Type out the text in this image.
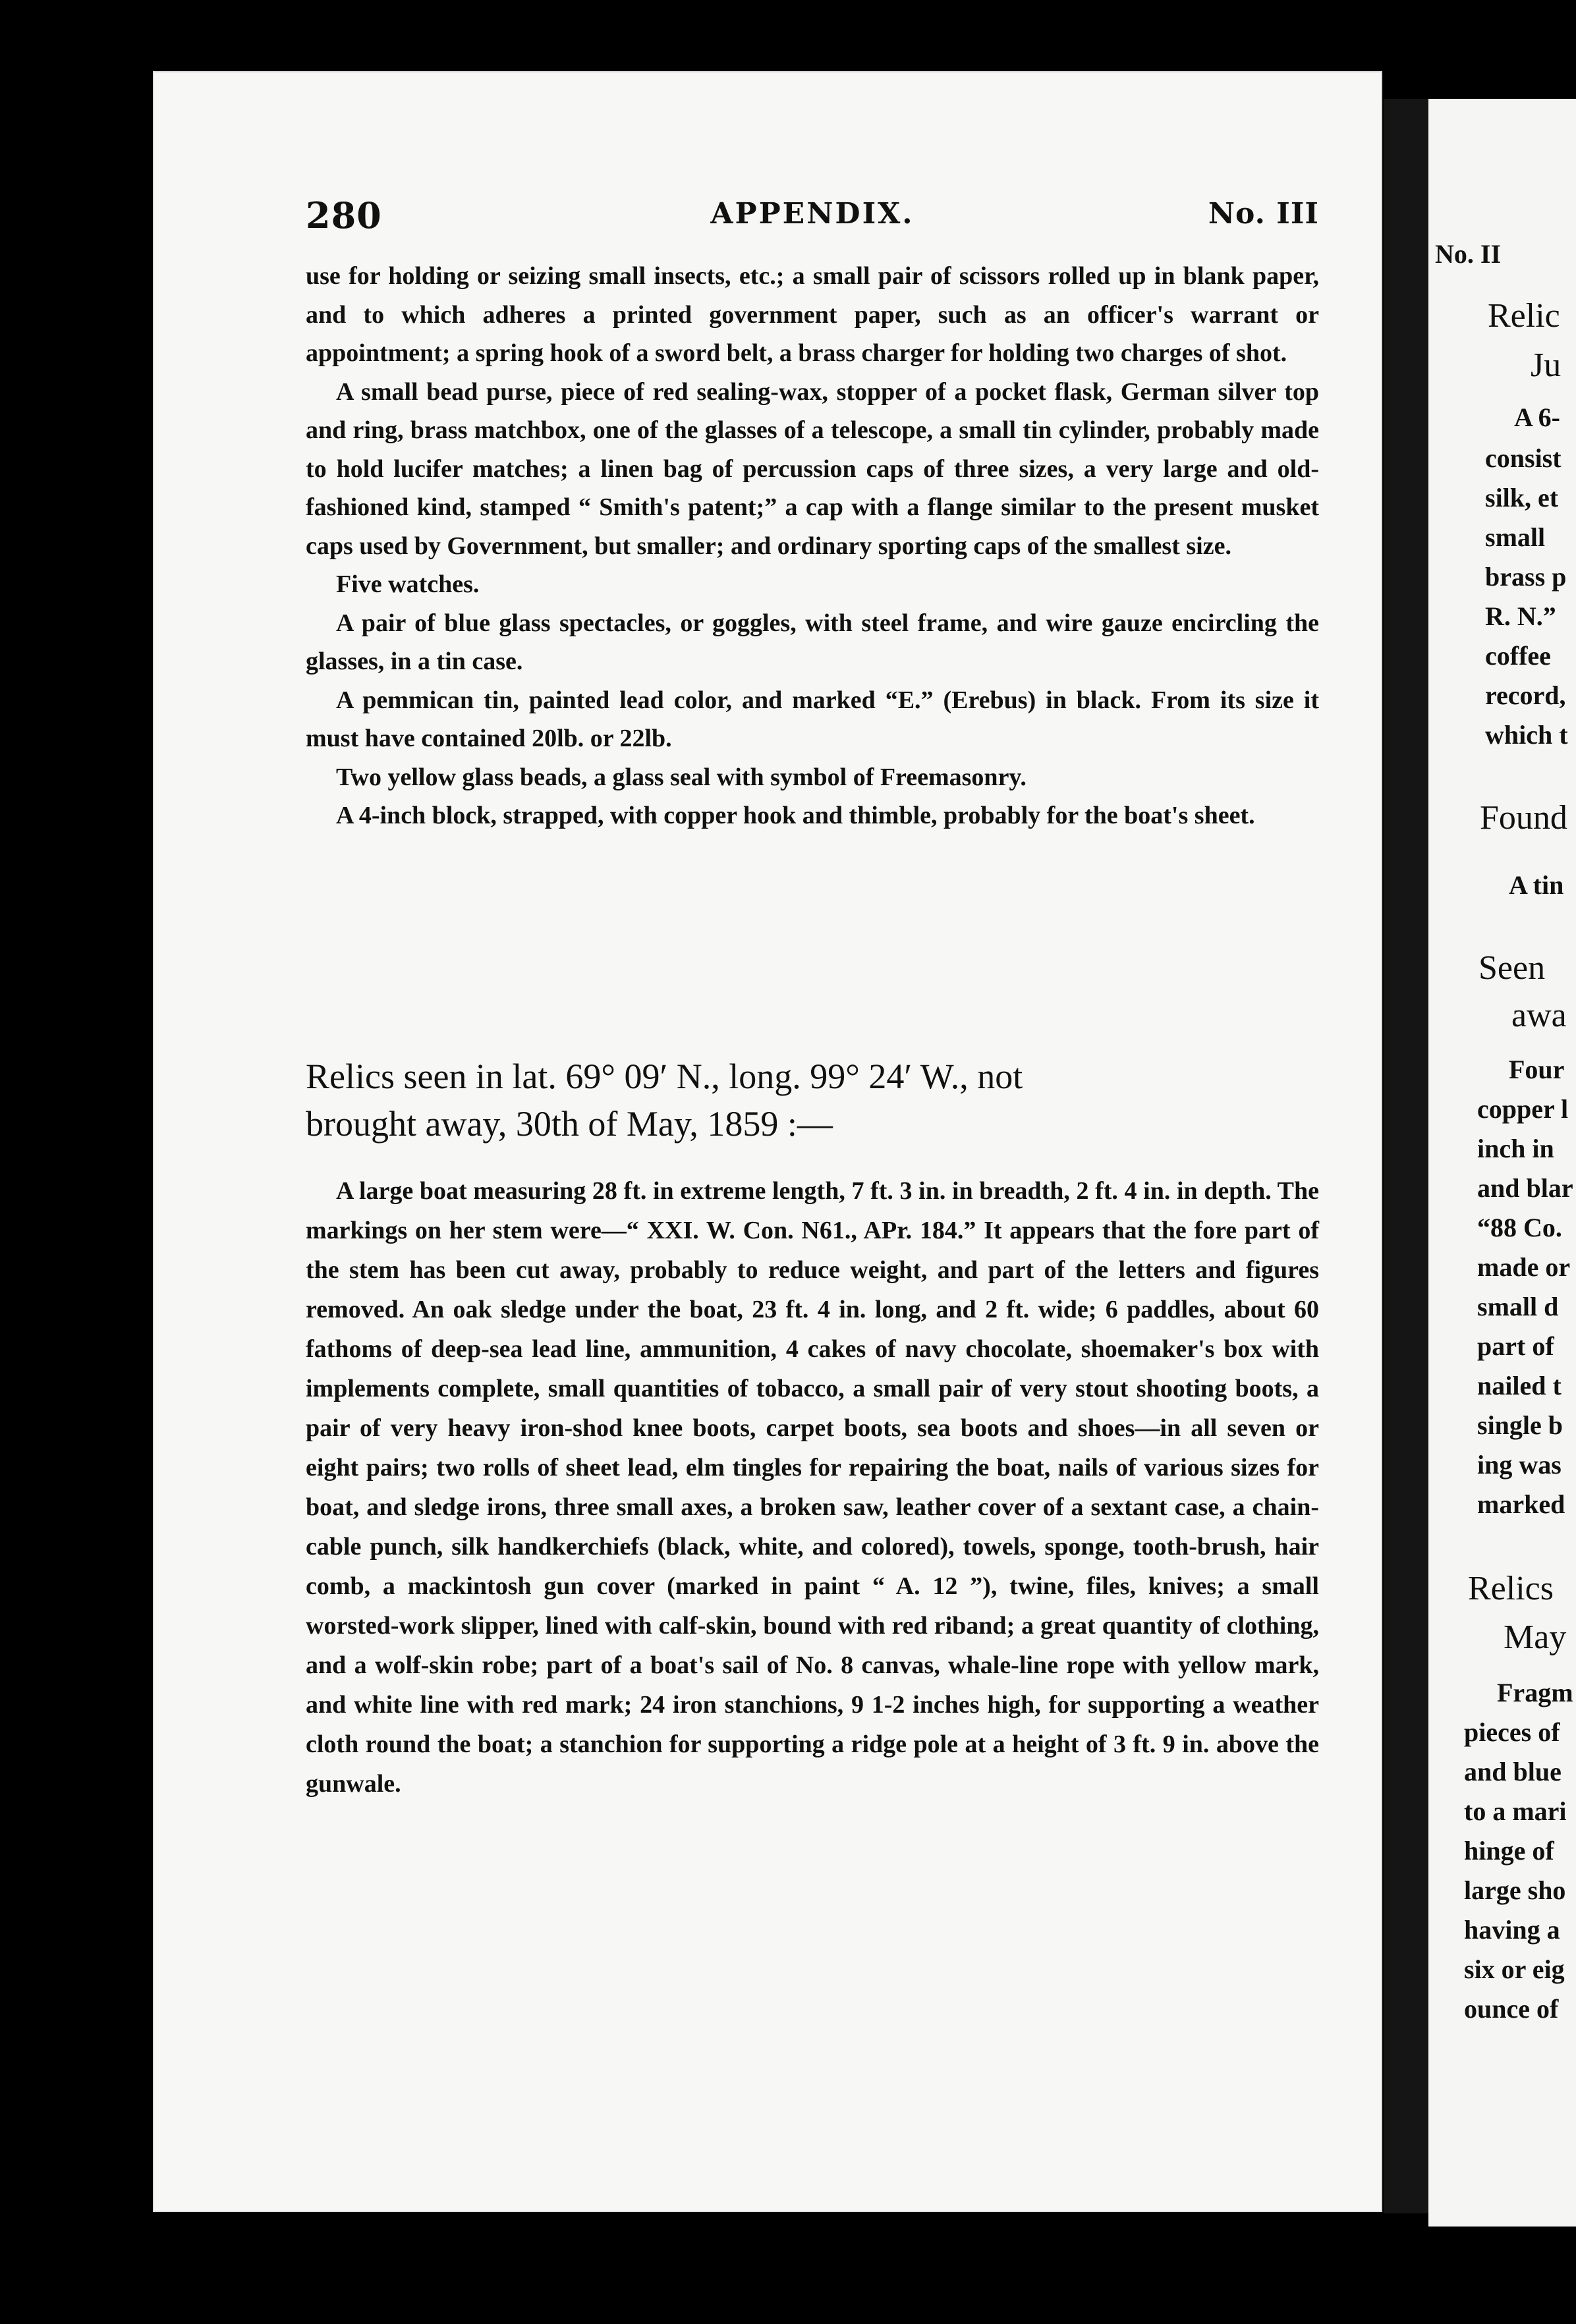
280	APPENDIX.	No. III

use for holding or seizing small insects, etc.; a small pair of scissors rolled up in blank paper, and to which adheres a printed government paper, such as an officer's warrant or appointment; a spring hook of a sword belt, a brass charger for holding two charges of shot.

A small bead purse, piece of red sealing-wax, stopper of a pocket flask, German silver top and ring, brass matchbox, one of the glasses of a telescope, a small tin cylinder, probably made to hold lucifer matches; a linen bag of percussion caps of three sizes, a very large and old-fashioned kind, stamped “ Smith's patent;” a cap with a flange similar to the present musket caps used by Government, but smaller; and ordinary sporting caps of the smallest size.

Five watches.

A pair of blue glass spectacles, or goggles, with steel frame, and wire gauze encircling the glasses, in a tin case.

A pemmican tin, painted lead color, and marked “E.” (Erebus) in black. From its size it must have contained 20lb. or 22lb.

Two yellow glass beads, a glass seal with symbol of Freemasonry.

A 4-inch block, strapped, with copper hook and thimble, probably for the boat's sheet.

Relics seen in lat. 69° 09′ N., long. 99° 24′ W., not
brought away, 30th of May, 1859 :—

A large boat measuring 28 ft. in extreme length, 7 ft. 3 in. in breadth, 2 ft. 4 in. in depth. The markings on her stem were—“ XXI. W. Con. N61., APr. 184.” It appears that the fore part of the stem has been cut away, probably to reduce weight, and part of the letters and figures removed. An oak sledge under the boat, 23 ft. 4 in. long, and 2 ft. wide; 6 paddles, about 60 fathoms of deep-sea lead line, ammunition, 4 cakes of navy chocolate, shoemaker's box with implements complete, small quantities of tobacco, a small pair of very stout shooting boots, a pair of very heavy iron-shod knee boots, carpet boots, sea boots and shoes—in all seven or eight pairs; two rolls of sheet lead, elm tingles for repairing the boat, nails of various sizes for boat, and sledge irons, three small axes, a broken saw, leather cover of a sextant case, a chain-cable punch, silk handkerchiefs (black, white, and colored), towels, sponge, tooth-brush, hair comb, a mackintosh gun cover (marked in paint “ A. 12 ”), twine, files, knives; a small worsted-work slipper, lined with calf-skin, bound with red riband; a great quantity of clothing, and a wolf-skin robe; part of a boat's sail of No. 8 canvas, whale-line rope with yellow mark, and white line with red mark; 24 iron stanchions, 9 1-2 inches high, for supporting a weather cloth round the boat; a stanchion for supporting a ridge pole at a height of 3 ft. 9 in. above the gunwale.

No. II
Relic
Ju
A 6-
consist
silk, et
small
brass p
R. N.”
coffee
record,
which t
Found
A tin
Seen
awa
Four
copper l
inch in
and blar
“88 Co.
made or
small d
part of
nailed t
single b
ing was
marked
Relics
May
Fragm
pieces of
and blue
to a mari
hinge of
large sho
having a
six or eig
ounce of
